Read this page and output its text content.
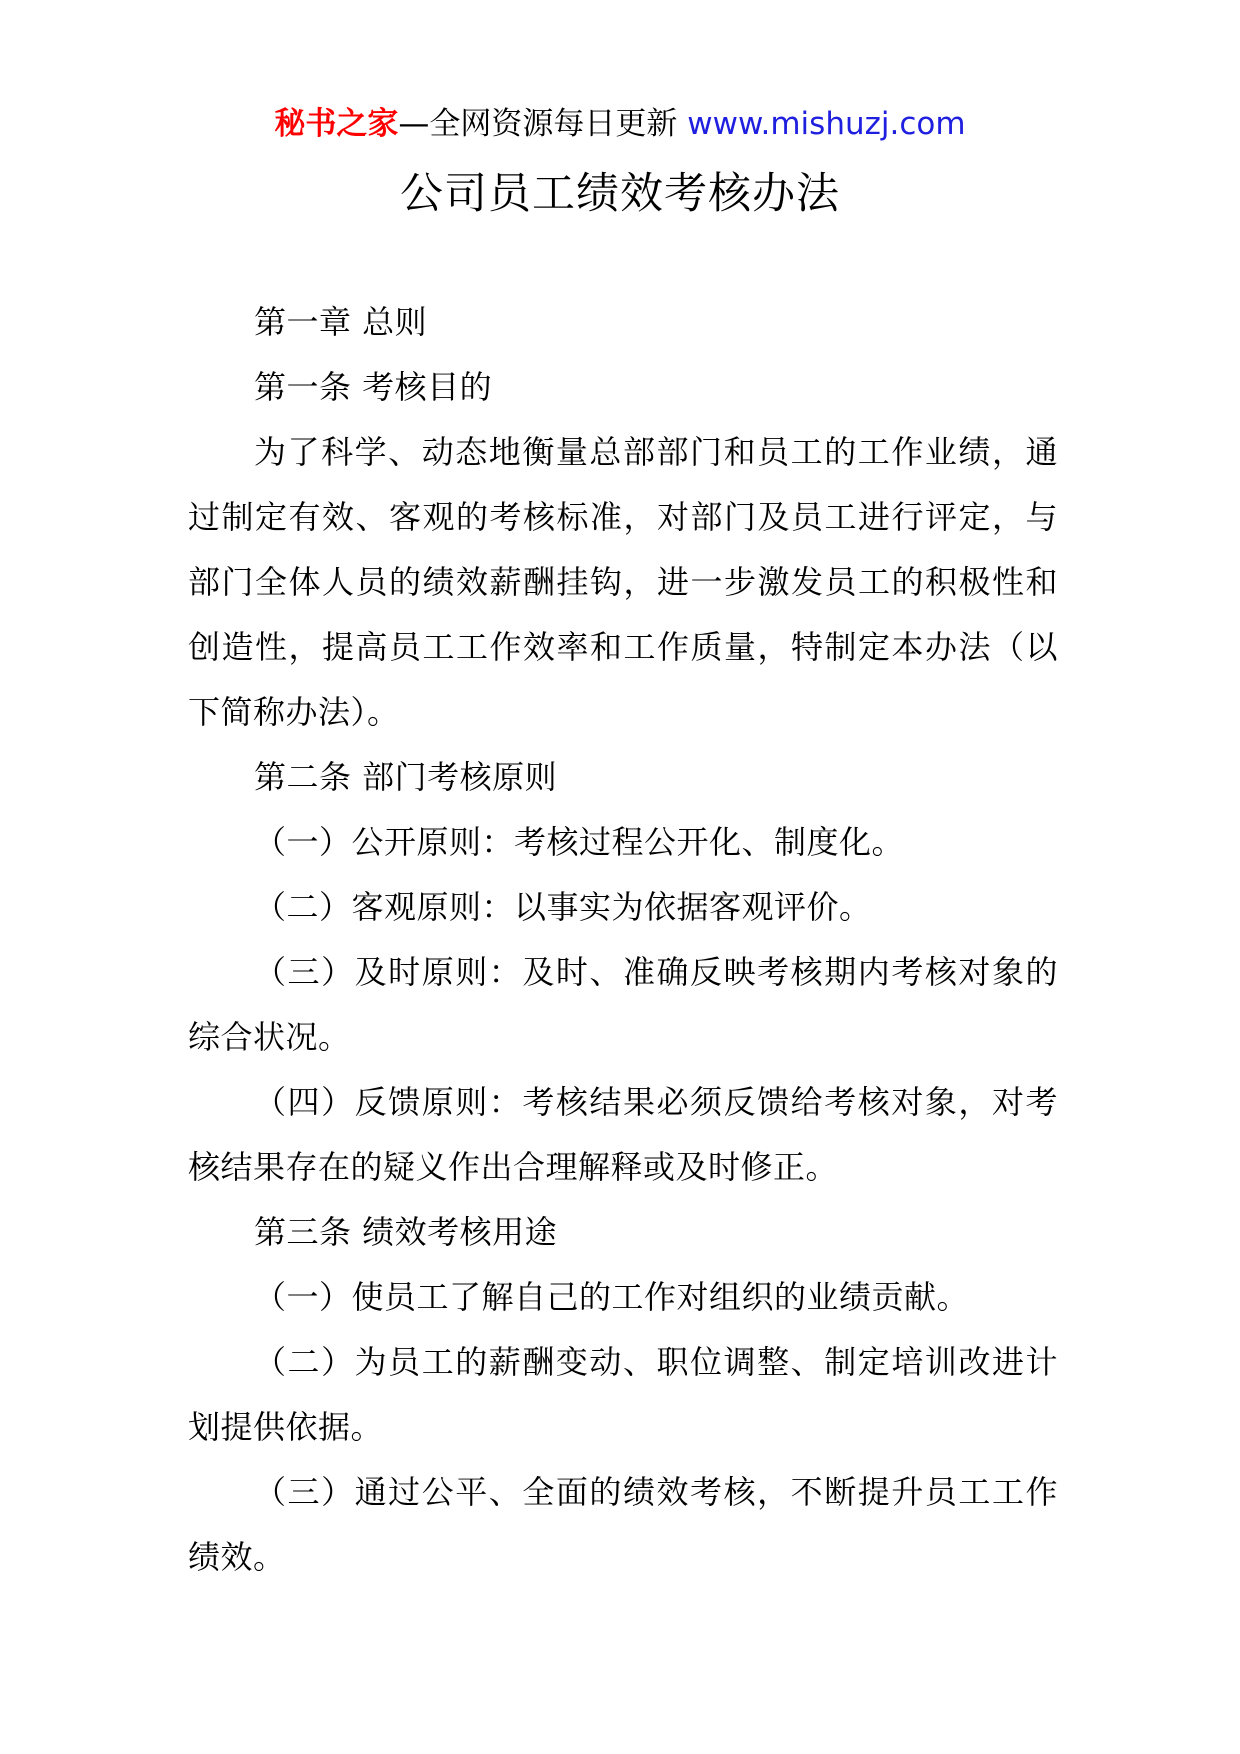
秘书之家—全网资源每日更新 www.mishuzj.com
公司员工绩效考核办法

第一章 总则

第一条 考核目的

为了科学、动态地衡量总部部门和员工的工作业绩，通过制定有效、客观的考核标准，对部门及员工进行评定，与部门全体人员的绩效薪酬挂钩，进一步激发员工的积极性和创造性，提高员工工作效率和工作质量，特制定本办法（以下简称办法）。

第二条 部门考核原则

（一）公开原则：考核过程公开化、制度化。

（二）客观原则：以事实为依据客观评价。

（三）及时原则：及时、准确反映考核期内考核对象的综合状况。

（四）反馈原则：考核结果必须反馈给考核对象，对考核结果存在的疑义作出合理解释或及时修正。

第三条 绩效考核用途

（一）使员工了解自己的工作对组织的业绩贡献。

（二）为员工的薪酬变动、职位调整、制定培训改进计划提供依据。

（三）通过公平、全面的绩效考核，不断提升员工工作绩效。
